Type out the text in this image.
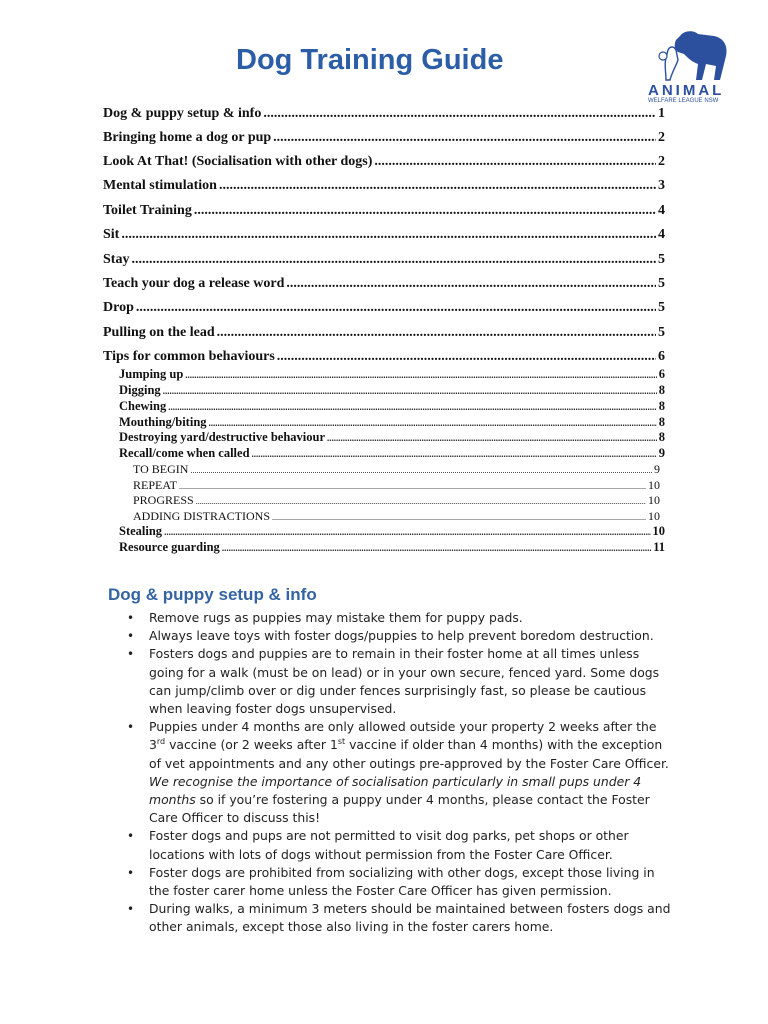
Dog Training Guide
ANIMAL
WELFARE LEAGUE NSW
Dog & puppy setup & info .....	1
Bringing home a dog or pup .....	2
Look At That! (Socialisation with other dogs) .....	2
Mental stimulation .....	3
Toilet Training .....	4
Sit .....	4
Stay .....	5
Teach your dog a release word .....	5
Drop .....	5
Pulling on the lead .....	5
Tips for common behaviours .....	6
Jumping up .....	6
Digging .....	8
Chewing .....	8
Mouthing/biting .....	8
Destroying yard/destructive behaviour .....	8
Recall/come when called .....	9
TO BEGIN .....	9
REPEAT .....	10
PROGRESS .....	10
ADDING DISTRACTIONS .....	10
Stealing .....	10
Resource guarding .....	11
Dog & puppy setup & info
• Remove rugs as puppies may mistake them for puppy pads.
• Always leave toys with foster dogs/puppies to help prevent boredom destruction.
• Fosters dogs and puppies are to remain in their foster home at all times unless going for a walk (must be on lead) or in your own secure, fenced yard. Some dogs can jump/climb over or dig under fences surprisingly fast, so please be cautious when leaving foster dogs unsupervised.
• Puppies under 4 months are only allowed outside your property 2 weeks after the 3rd vaccine (or 2 weeks after 1st vaccine if older than 4 months) with the exception of vet appointments and any other outings pre-approved by the Foster Care Officer. We recognise the importance of socialisation particularly in small pups under 4 months so if you’re fostering a puppy under 4 months, please contact the Foster Care Officer to discuss this!
• Foster dogs and pups are not permitted to visit dog parks, pet shops or other locations with lots of dogs without permission from the Foster Care Officer.
• Foster dogs are prohibited from socializing with other dogs, except those living in the foster carer home unless the Foster Care Officer has given permission.
• During walks, a minimum 3 meters should be maintained between fosters dogs and other animals, except those also living in the foster carers home.
